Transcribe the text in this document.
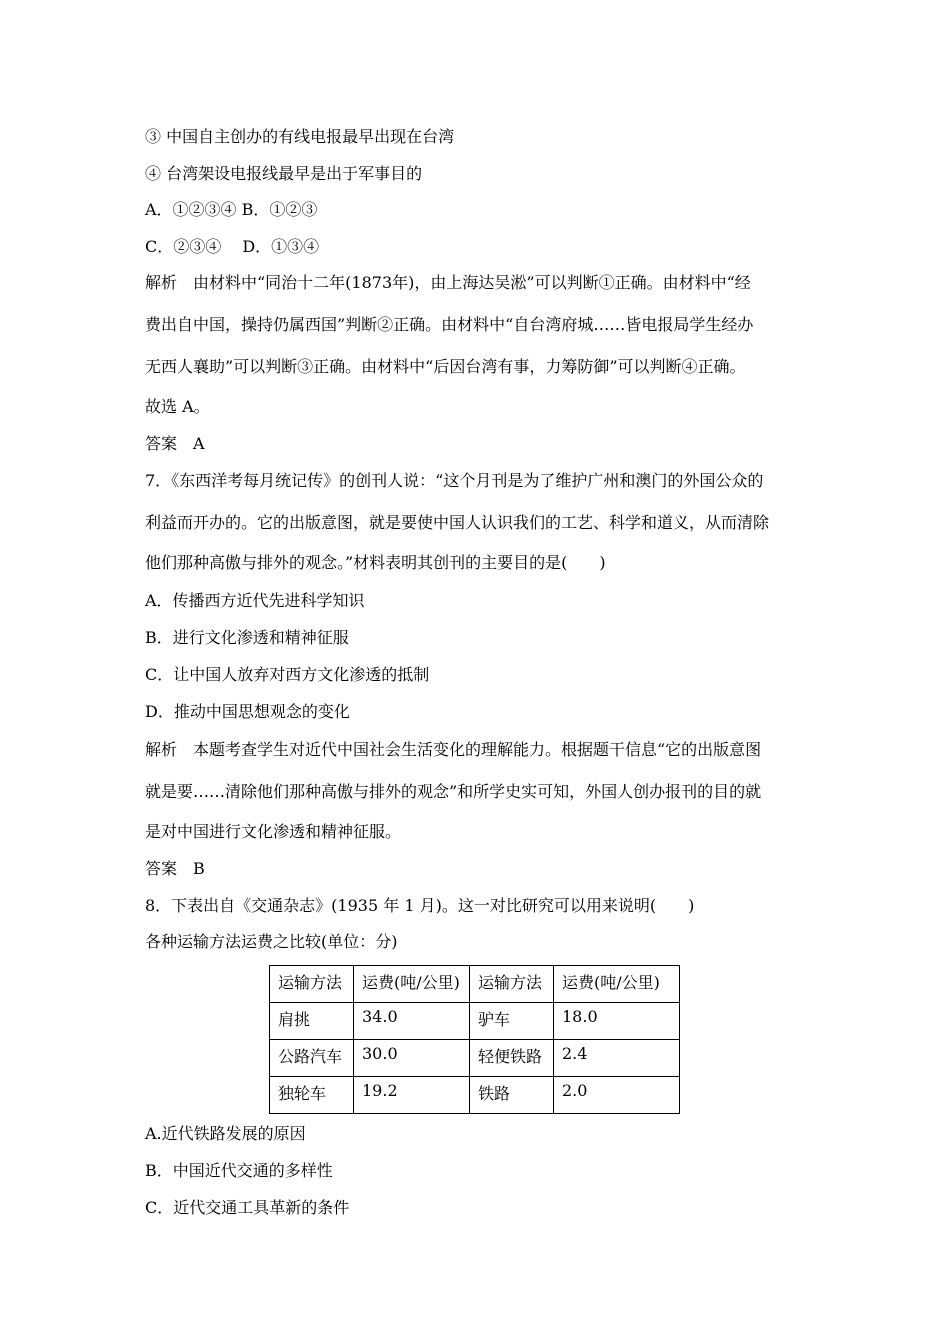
③ 中国自主创办的有线电报最早出现在台湾
④ 台湾架设电报线最早是出于军事目的
A．①②③④ B．①②③
C．②③④　 D．①③④
解析　由材料中“同治十二年(1873年)，由上海达吴淞”可以判断①正确。由材料中“经
费出自中国，操持仍属西国”判断②正确。由材料中“自台湾府城……皆电报局学生经办
无西人襄助”可以判断③正确。由材料中“后因台湾有事，力筹防御”可以判断④正确。
故选 A。
答案　A
7．《东西洋考每月统记传》的创刊人说：“这个月刊是为了维护广州和澳门的外国公众的
利益而开办的。它的出版意图，就是要使中国人认识我们的工艺、科学和道义，从而清除
他们那种高傲与排外的观念。”材料表明其创刊的主要目的是(　　)
A．传播西方近代先进科学知识
B．进行文化渗透和精神征服
C．让中国人放弃对西方文化渗透的抵制
D．推动中国思想观念的变化
解析　本题考查学生对近代中国社会生活变化的理解能力。根据题干信息“它的出版意图
就是要……清除他们那种高傲与排外的观念”和所学史实可知，外国人创办报刊的目的就
是对中国进行文化渗透和精神征服。
答案　B
8．下表出自《交通杂志》(1935 年 1 月)。这一对比研究可以用来说明(　　)
各种运输方法运费之比较(单位：分)
运输方法	运费(吨/公里)	运输方法	运费(吨/公里)
肩挑	34.0	驴车	18.0
公路汽车	30.0	轻便铁路	2.4
独轮车	19.2	铁路	2.0
A.近代铁路发展的原因
B．中国近代交通的多样性
C．近代交通工具革新的条件
